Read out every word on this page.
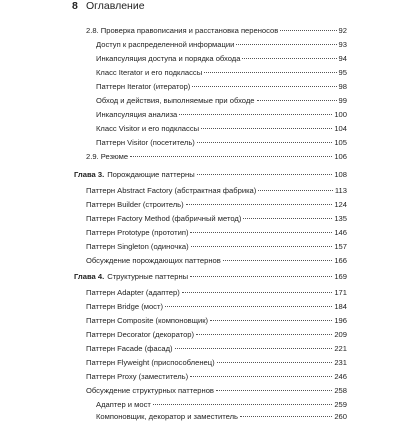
8 Оглавление
2.8. Проверка правописания и расстановка переносов	92
Доступ к распределенной информации	93
Инкапсуляция доступа и порядка обхода	94
Класс Iterator и его подклассы	95
Паттерн Iterator (итератор)	98
Обход и действия, выполняемые при обходе	99
Инкапсуляция анализа	100
Класс Visitor и его подклассы	104
Паттерн Visitor (посетитель)	105
2.9. Резюме	106
Глава 3. Порождающие паттерны	108
Паттерн Abstract Factory (абстрактная фабрика)	113
Паттерн Builder (строитель)	124
Паттерн Factory Method (фабричный метод)	135
Паттерн Prototype (прототип)	146
Паттерн Singleton (одиночка)	157
Обсуждение порождающих паттернов	166
Глава 4. Структурные паттерны	169
Паттерн Adapter (адаптер)	171
Паттерн Bridge (мост)	184
Паттерн Composite (компоновщик)	196
Паттерн Decorator (декоратор)	209
Паттерн Facade (фасад)	221
Паттерн Flyweight (приспособленец)	231
Паттерн Proxy (заместитель)	246
Обсуждение структурных паттернов	258
Адаптер и мост	259
Компоновщик, декоратор и заместитель	260
